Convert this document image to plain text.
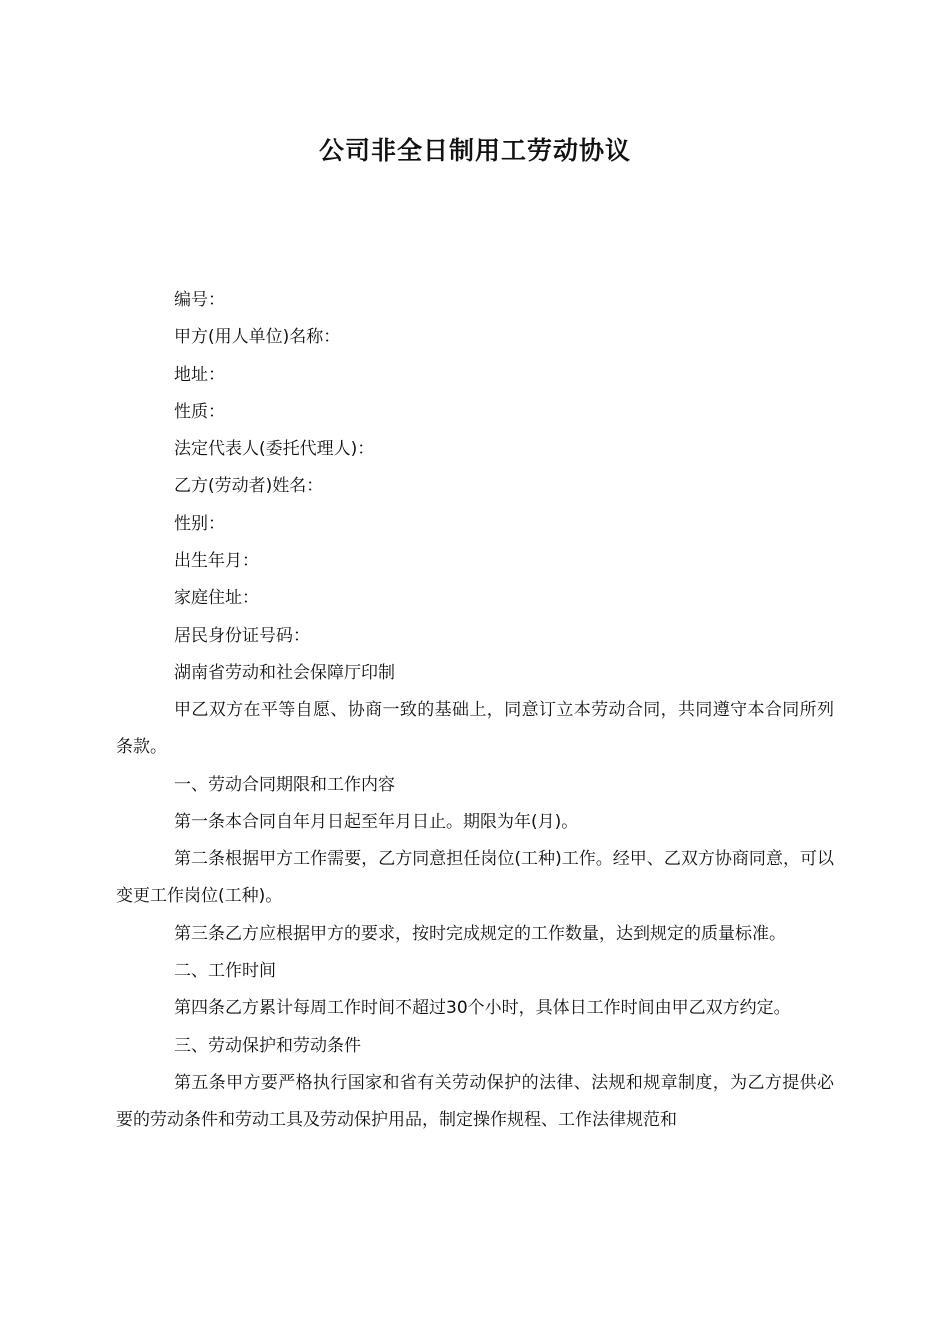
公司非全日制用工劳动协议
编号：
甲方(用人单位)名称：
地址：
性质：
法定代表人(委托代理人)：
乙方(劳动者)姓名：
性别：
出生年月：
家庭住址：
居民身份证号码：
湖南省劳动和社会保障厅印制

甲乙双方在平等自愿、协商一致的基础上，同意订立本劳动合同，共同遵守本合同所列条款。

一、劳动合同期限和工作内容

第一条本合同自年月日起至年月日止。期限为年(月)。

第二条根据甲方工作需要，乙方同意担任岗位(工种)工作。经甲、乙双方协商同意，可以变更工作岗位(工种)。

第三条乙方应根据甲方的要求，按时完成规定的工作数量，达到规定的质量标准。

二、工作时间

第四条乙方累计每周工作时间不超过30个小时，具体日工作时间由甲乙双方约定。

三、劳动保护和劳动条件

第五条甲方要严格执行国家和省有关劳动保护的法律、法规和规章制度，为乙方提供必要的劳动条件和劳动工具及劳动保护用品，制定操作规程、工作法律规范和
